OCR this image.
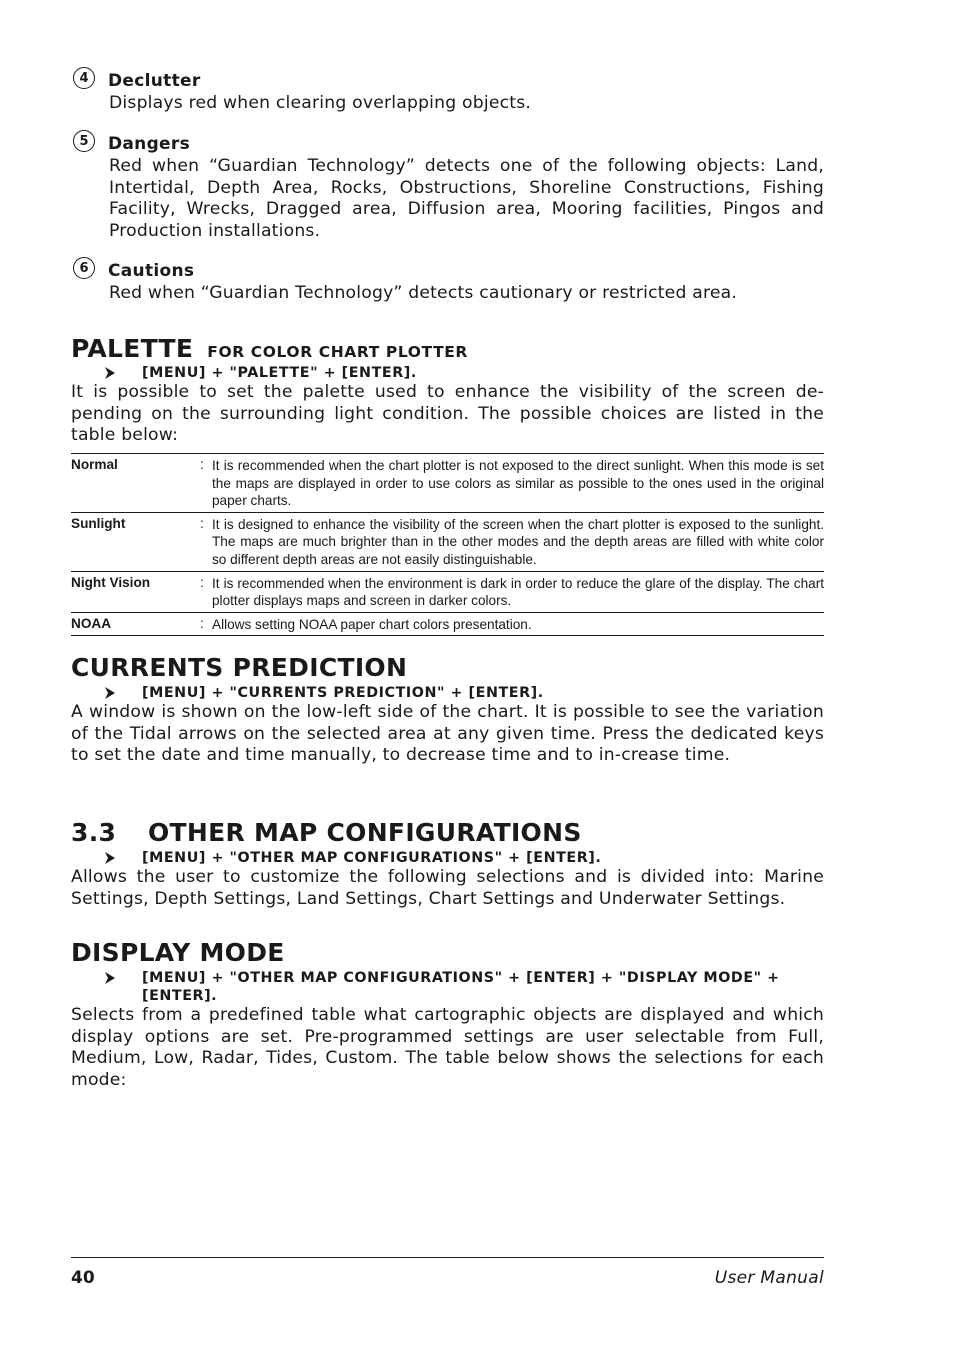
4	Declutter
Displays red when clearing overlapping objects.
5	Dangers
Red when “Guardian Technology” detects one of the following objects: Land, Intertidal, Depth Area, Rocks, Obstructions, Shoreline Constructions, Fishing Facility, Wrecks, Dragged area, Diffusion area, Mooring facilities, Pingos and Production installations.
6	Cautions
Red when “Guardian Technology” detects cautionary or restricted area.
PALETTE FOR COLOR CHART PLOTTER
[MENU] + "PALETTE" + [ENTER].
It is possible to set the palette used to enhance the visibility of the screen de-pending on the surrounding light condition. The possible choices are listed in the table below:
Normal	: It is recommended when the chart plotter is not exposed to the direct sunlight. When this mode is set the maps are displayed in order to use colors as similar as possible to the ones used in the original paper charts.
Sunlight	: It is designed to enhance the visibility of the screen when the chart plotter is exposed to the sunlight. The maps are much brighter than in the other modes and the depth areas are filled with white color so different depth areas are not easily distinguishable.
Night Vision	: It is recommended when the environment is dark in order to reduce the glare of the display. The chart plotter displays maps and screen in darker colors.
NOAA	: Allows setting NOAA paper chart colors presentation.
CURRENTS PREDICTION
[MENU] + "CURRENTS PREDICTION" + [ENTER].
A window is shown on the low-left side of the chart. It is possible to see the variation of the Tidal arrows on the selected area at any given time. Press the dedicated keys to set the date and time manually, to decrease time and to in-crease time.
3.3 OTHER MAP CONFIGURATIONS
[MENU] + "OTHER MAP CONFIGURATIONS" + [ENTER].
Allows the user to customize the following selections and is divided into: Marine Settings, Depth Settings, Land Settings, Chart Settings and Underwater Settings.
DISPLAY MODE
[MENU] + "OTHER MAP CONFIGURATIONS" + [ENTER] + "DISPLAY MODE" + [ENTER].
Selects from a predefined table what cartographic objects are displayed and which display options are set. Pre-programmed settings are user selectable from Full, Medium, Low, Radar, Tides, Custom. The table below shows the selections for each mode:
40	User Manual
